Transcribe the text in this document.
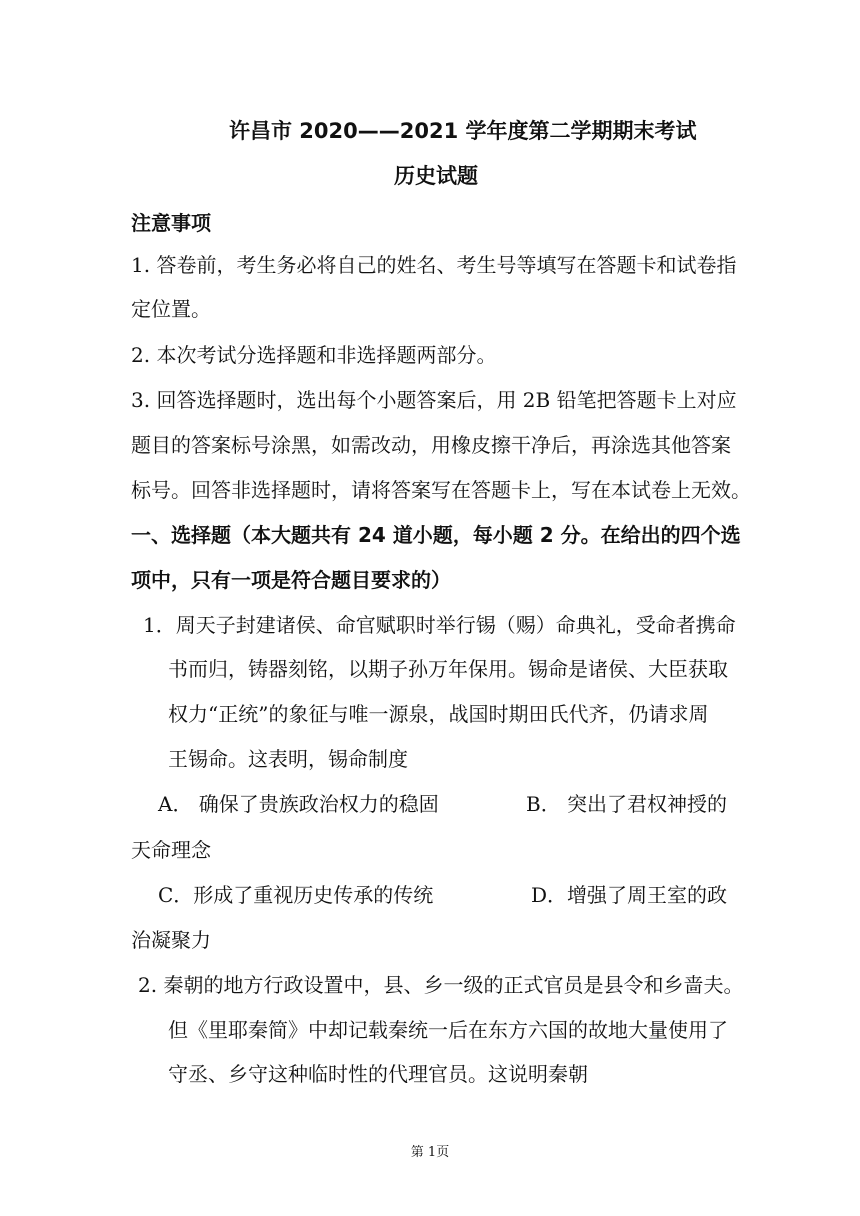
许昌市 2020——2021 学年度第二学期期末考试
历史试题
注意事项
1. 答卷前，考生务必将自己的姓名、考生号等填写在答题卡和试卷指
定位置。
2. 本次考试分选择题和非选择题两部分。
3. 回答选择题时，选出每个小题答案后，用 2B 铅笔把答题卡上对应
题目的答案标号涂黑，如需改动，用橡皮擦干净后，再涂选其他答案
标号。回答非选择题时，请将答案写在答题卡上，写在本试卷上无效。
一、选择题（本大题共有 24 道小题，每小题 2 分。在给出的四个选
项中，只有一项是符合题目要求的）
1．周天子封建诸侯、命官赋职时举行锡（赐）命典礼，受命者携命
书而归，铸器刻铭，以期子孙万年保用。锡命是诸侯、大臣获取
权力“正统”的象征与唯一源泉，战国时期田氏代齐，仍请求周
王锡命。这表明，锡命制度
A． 确保了贵族政治权力的稳固	B． 突出了君权神授的
天命理念
C．形成了重视历史传承的传统	D．增强了周王室的政
治凝聚力
2. 秦朝的地方行政设置中，县、乡一级的正式官员是县令和乡啬夫。
但《里耶秦简》中却记载秦统一后在东方六国的故地大量使用了
守丞、乡守这种临时性的代理官员。这说明秦朝
第 1页
